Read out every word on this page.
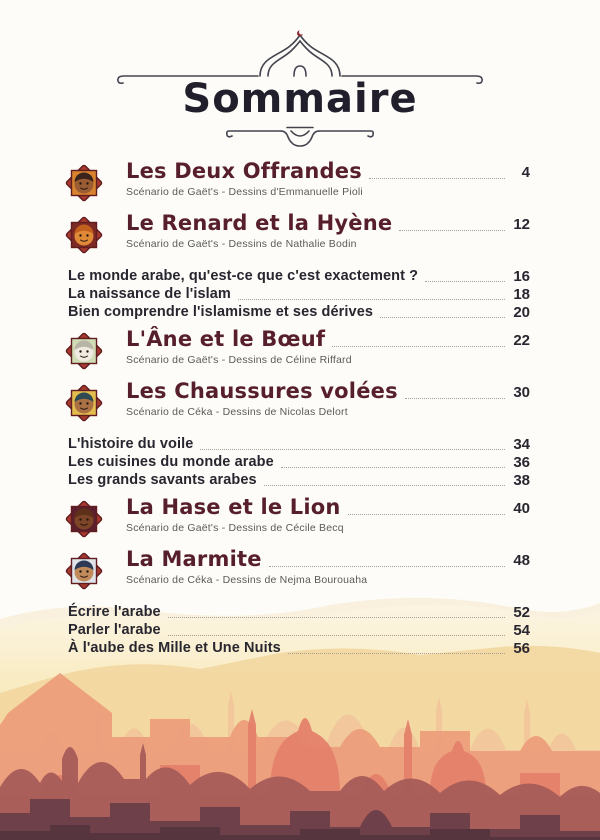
Sommaire
Les Deux Offrandes	4
Scénario de Gaët's - Dessins d'Emmanuelle Pioli
Le Renard et la Hyène	12
Scénario de Gaët's - Dessins de Nathalie Bodin
Le monde arabe, qu'est-ce que c'est exactement ?	16
La naissance de l'islam	18
Bien comprendre l'islamisme et ses dérives	20
L'Âne et le Bœuf	22
Scénario de Gaët's - Dessins de Céline Riffard
Les Chaussures volées	30
Scénario de Céka - Dessins de Nicolas Delort
L'histoire du voile	34
Les cuisines du monde arabe	36
Les grands savants arabes	38
La Hase et le Lion	40
Scénario de Gaët's - Dessins de Cécile Becq
La Marmite	48
Scénario de Céka - Dessins de Nejma Bourouaha
Écrire l'arabe	52
Parler l'arabe	54
À l'aube des Mille et Une Nuits	56
